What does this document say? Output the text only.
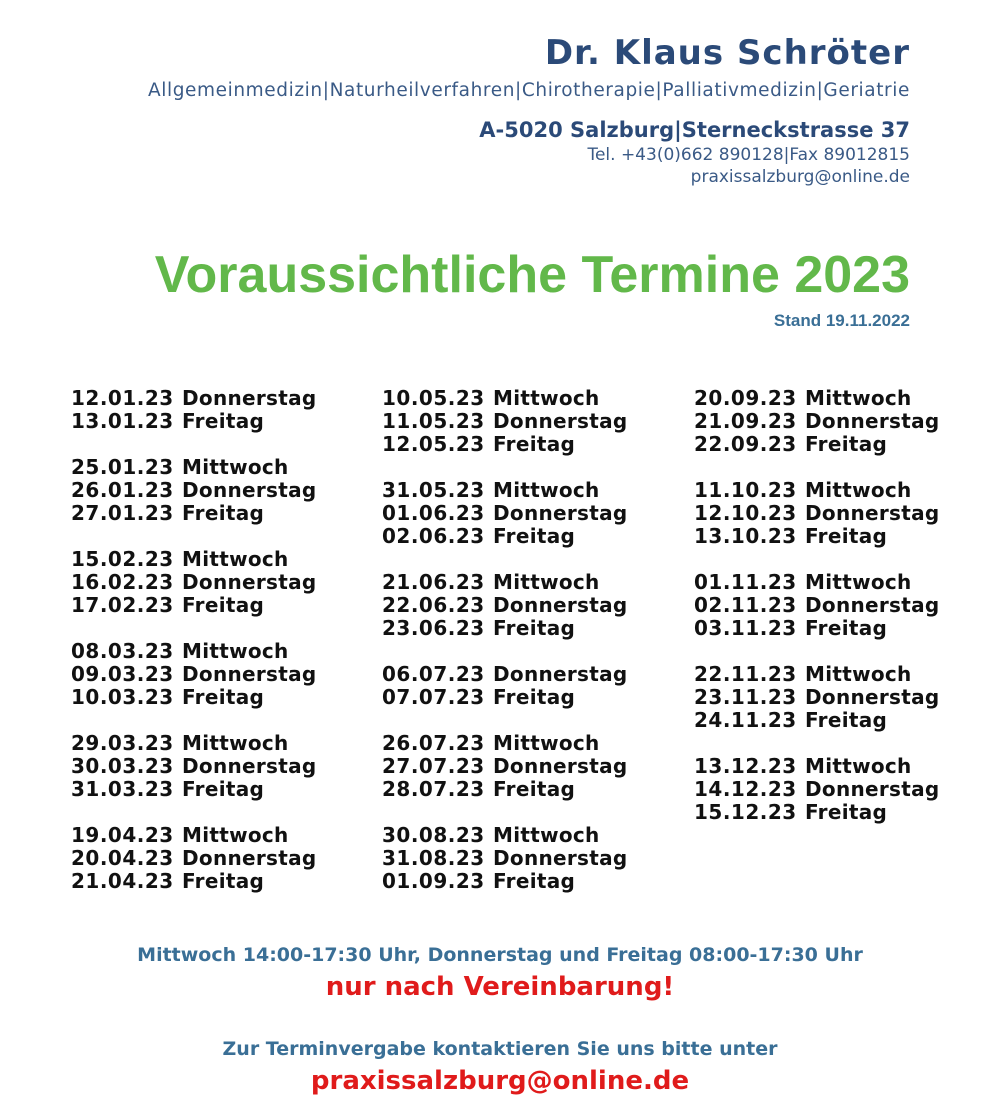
Dr. Klaus Schröter
Allgemeinmedizin|Naturheilverfahren|Chirotherapie|Palliativmedizin|Geriatrie
A-5020 Salzburg|Sterneckstrasse 37
Tel. +43(0)662 890128|Fax 89012815
praxissalzburg@online.de
Voraussichtliche Termine 2023
Stand 19.11.2022
12.01.23 Donnerstag
13.01.23 Freitag
25.01.23 Mittwoch
26.01.23 Donnerstag
27.01.23 Freitag
15.02.23 Mittwoch
16.02.23 Donnerstag
17.02.23 Freitag
08.03.23 Mittwoch
09.03.23 Donnerstag
10.03.23 Freitag
29.03.23 Mittwoch
30.03.23 Donnerstag
31.03.23 Freitag
19.04.23 Mittwoch
20.04.23 Donnerstag
21.04.23 Freitag
10.05.23 Mittwoch
11.05.23 Donnerstag
12.05.23 Freitag
31.05.23 Mittwoch
01.06.23 Donnerstag
02.06.23 Freitag
21.06.23 Mittwoch
22.06.23 Donnerstag
23.06.23 Freitag
06.07.23 Donnerstag
07.07.23 Freitag
26.07.23 Mittwoch
27.07.23 Donnerstag
28.07.23 Freitag
30.08.23 Mittwoch
31.08.23 Donnerstag
01.09.23 Freitag
20.09.23 Mittwoch
21.09.23 Donnerstag
22.09.23 Freitag
11.10.23 Mittwoch
12.10.23 Donnerstag
13.10.23 Freitag
01.11.23 Mittwoch
02.11.23 Donnerstag
03.11.23 Freitag
22.11.23 Mittwoch
23.11.23 Donnerstag
24.11.23 Freitag
13.12.23 Mittwoch
14.12.23 Donnerstag
15.12.23 Freitag
Mittwoch 14:00-17:30 Uhr, Donnerstag und Freitag 08:00-17:30 Uhr
nur nach Vereinbarung!
Zur Terminvergabe kontaktieren Sie uns bitte unter
praxissalzburg@online.de
